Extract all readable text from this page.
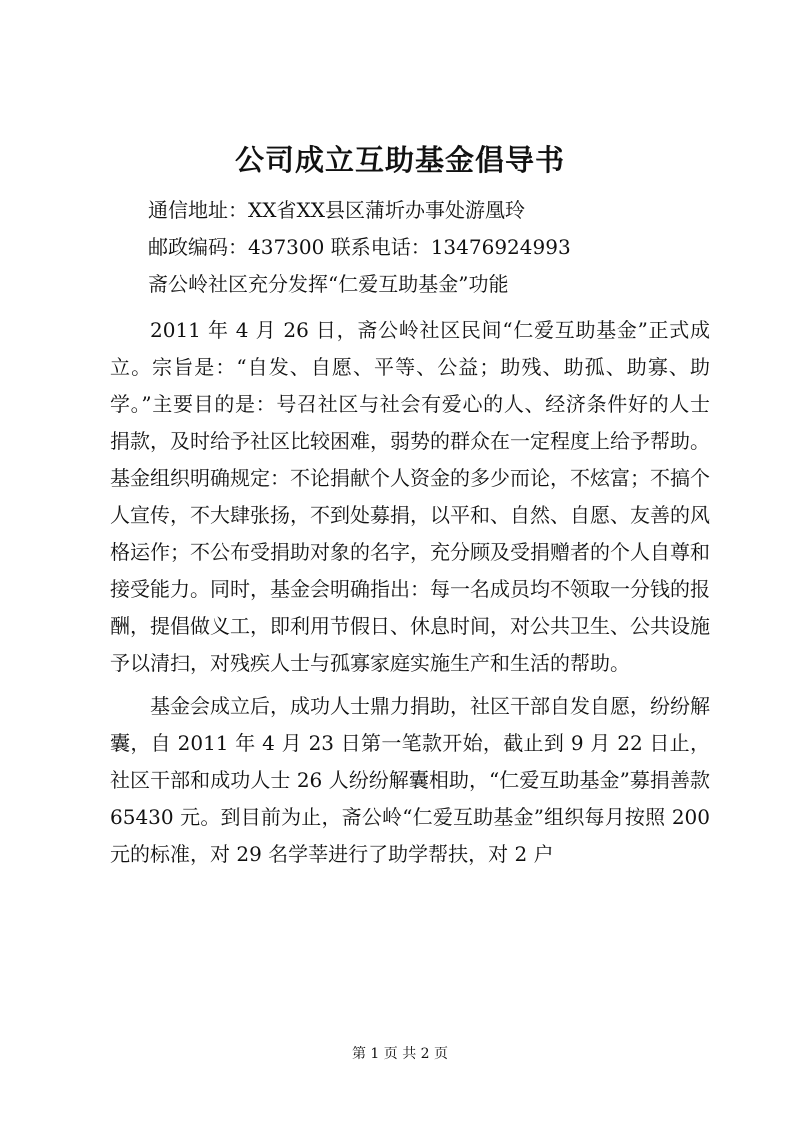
公司成立互助基金倡导书
通信地址：XX省XX县区蒲圻办事处游凰玲
邮政编码：437300 联系电话：13476924993
斋公岭社区充分发挥“仁爱互助基金”功能

2011 年 4 月 26 日，斋公岭社区民间“仁爱互助基金”正式成立。宗旨是：“自发、自愿、平等、公益；助残、助孤、助寡、助学。”主要目的是：号召社区与社会有爱心的人、经济条件好的人士捐款，及时给予社区比较困难，弱势的群众在一定程度上给予帮助。基金组织明确规定：不论捐献个人资金的多少而论，不炫富；不搞个人宣传，不大肆张扬，不到处募捐，以平和、自然、自愿、友善的风格运作；不公布受捐助对象的名字，充分顾及受捐赠者的个人自尊和接受能力。同时，基金会明确指出：每一名成员均不领取一分钱的报酬，提倡做义工，即利用节假日、休息时间，对公共卫生、公共设施予以清扫，对残疾人士与孤寡家庭实施生产和生活的帮助。

基金会成立后，成功人士鼎力捐助，社区干部自发自愿，纷纷解囊，自 2011 年 4 月 23 日第一笔款开始，截止到 9 月 22 日止，社区干部和成功人士 26 人纷纷解囊相助，“仁爱互助基金”募捐善款 65430 元。到目前为止，斋公岭“仁爱互助基金”组织每月按照 200 元的标准，对 29 名学莘进行了助学帮扶，对 2 户

第 1 页 共 2 页
